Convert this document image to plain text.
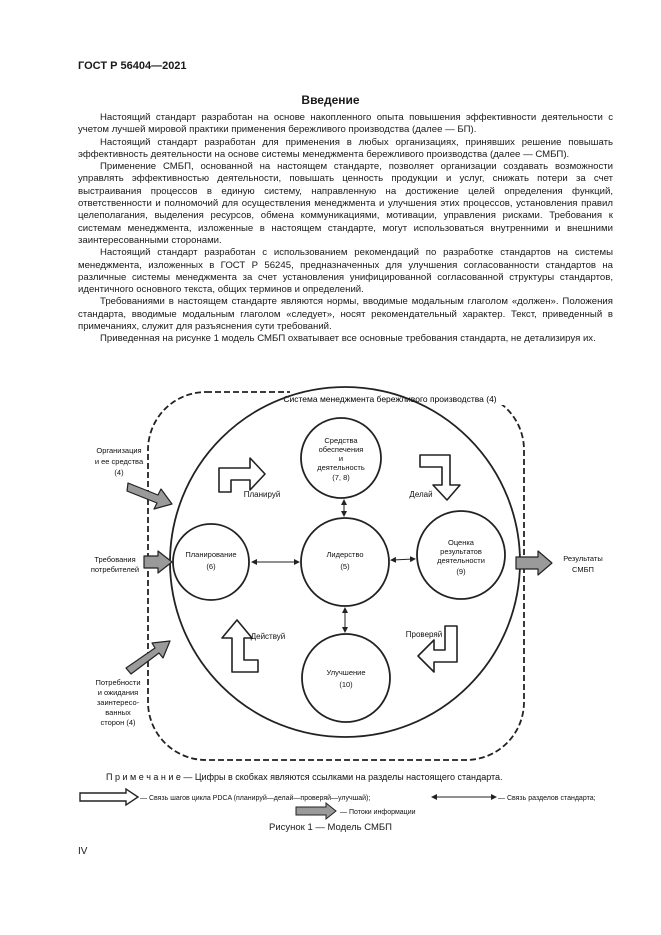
ГОСТ Р 56404—2021
Введение

Настоящий стандарт разработан на основе накопленного опыта повышения эффективности деятельности с учетом лучшей мировой практики применения бережливого производства (далее — БП).

Настоящий стандарт разработан для применения в любых организациях, принявших решение повышать эффективность деятельности на основе системы менеджмента бережливого производства (далее — СМБП).

Применение СМБП, основанной на настоящем стандарте, позволяет организации создавать возможности управлять эффективностью деятельности, повышать ценность продукции и услуг, снижать потери за счет выстраивания процессов в единую систему, направленную на достижение целей определения функций, ответственности и полномочий для осуществления менеджмента и улучшения этих процессов, установления правил целеполагания, выделения ресурсов, обмена коммуникациями, мотивации, управления рисками. Требования к системам менеджмента, изложенные в настоящем стандарте, могут использоваться внутренними и внешними заинтересованными сторонами.

Настоящий стандарт разработан с использованием рекомендаций по разработке стандартов на системы менеджмента, изложенных в ГОСТ Р 56245, предназначенных для улучшения согласованности стандартов на различные системы менеджмента за счет установления унифицированной согласованной структуры стандартов, идентичного основного текста, общих терминов и определений.

Требованиями в настоящем стандарте являются нормы, вводимые модальным глаголом «должен». Положения стандарта, вводимые модальным глаголом «следует», носят рекомендательный характер. Текст, приведенный в примечаниях, служит для разъяснения сути требований.

Приведенная на рисунке 1 модель СМБП охватывает все основные требования стандарта, не детализируя их.

Система менеджмента бережливого производства (4)
Средства
обеспечения
и
деятельность
(7, 8)
Планирование
(6)
Лидерство
(5)
Оценка
результатов
деятельности
(9)
Улучшение
(10)
Планируй	Делай
Проверяй
Действуй
Организация
и ее средства
(4)
Требования
потребителей
Потребности
и ожидания
заинтересо-
ванных
сторон (4)
Результаты
СМБП
П р и м е ч а н и е — Цифры в скобках являются ссылками на разделы настоящего стандарта.
— Связь шагов цикла PDCA (планируй—делай—проверяй—улучшай);	— Связь разделов стандарта;
— Потоки информации
Рисунок 1 — Модель СМБП
IV
